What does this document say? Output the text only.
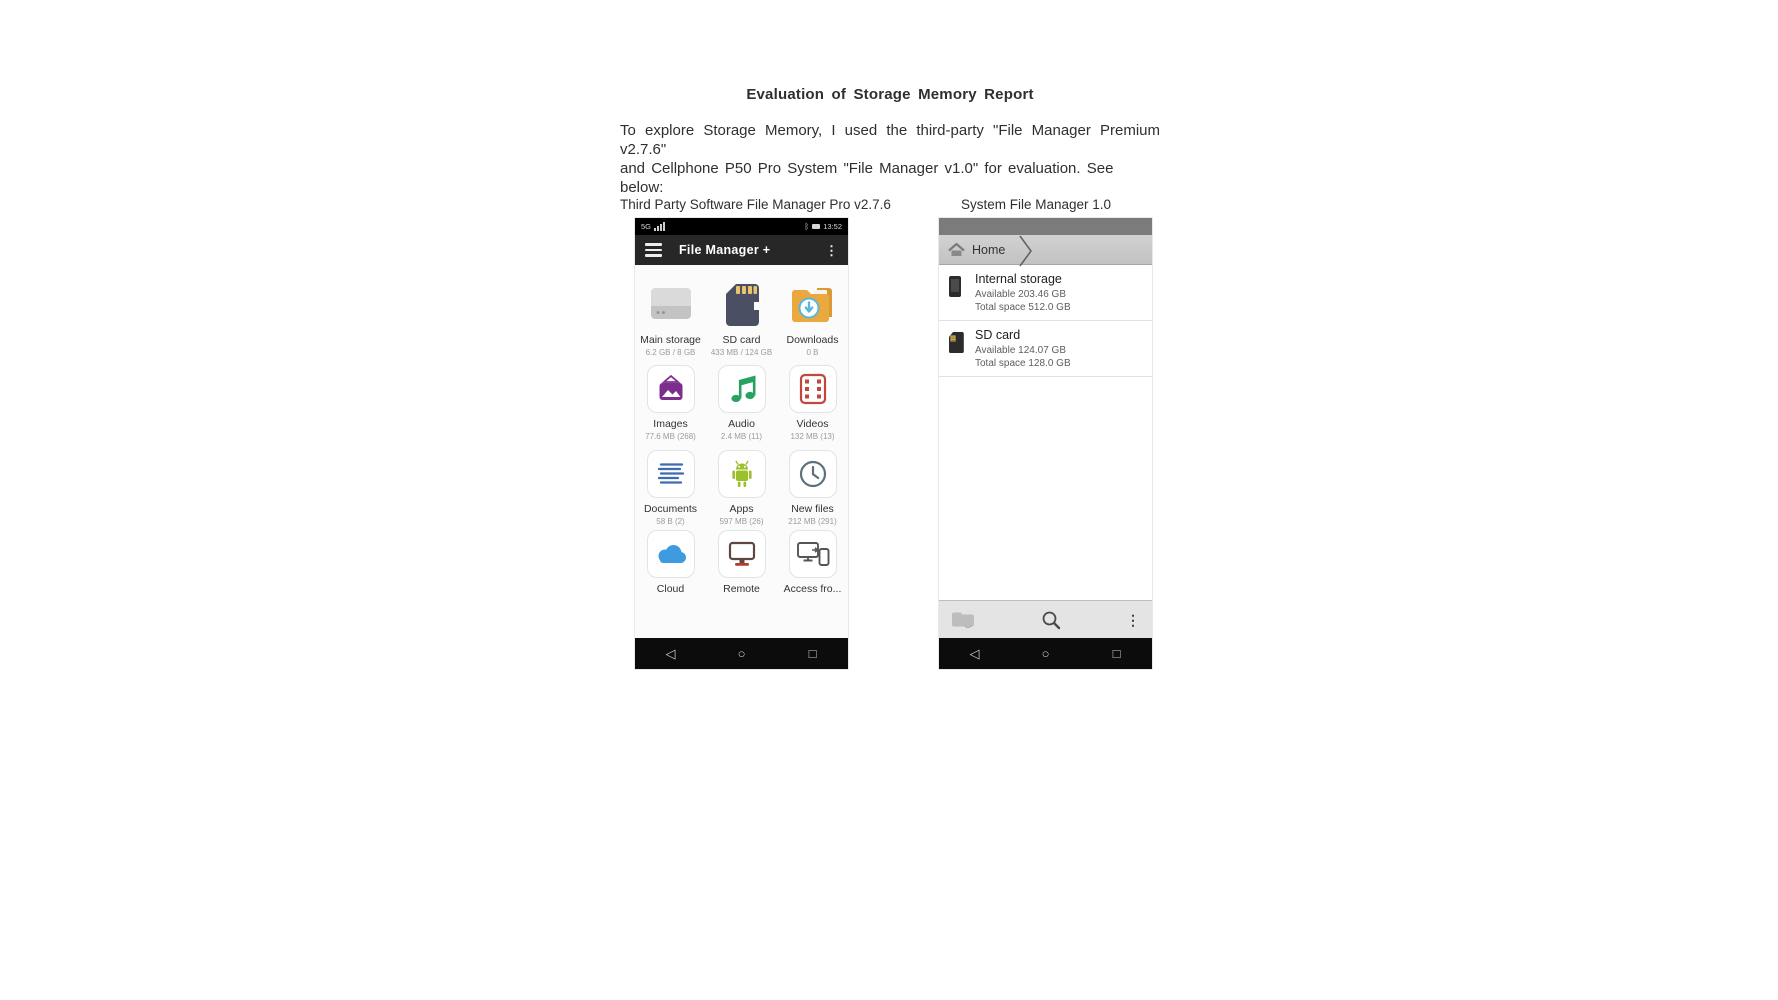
Evaluation of Storage Memory Report
To explore Storage Memory, I used the third-party "File Manager Premium v2.7.6"
and Cellphone P50 Pro System "File Manager v1.0" for evaluation. See below:
Third Party Software File Manager Pro v2.7.6	System File Manager 1.0
5G	ᛒ 13:52
File Manager +	⋮
Main storage
6.2 GB / 8 GB
SD card
433 MB / 124 GB
Downloads
0 B
Images
77.6 MB (268)
Audio
2.4 MB (11)
Videos
132 MB (13)
Documents
58 B (2)
Apps
597 MB (26)
New files
212 MB (291)
Cloud	Remote Access fro...
◁	○	□
Home
Internal storage
Available 203.46 GB
Total space 512.0 GB
SD card
Available 124.07 GB
Total space 128.0 GB
⋮
◁	○	□
